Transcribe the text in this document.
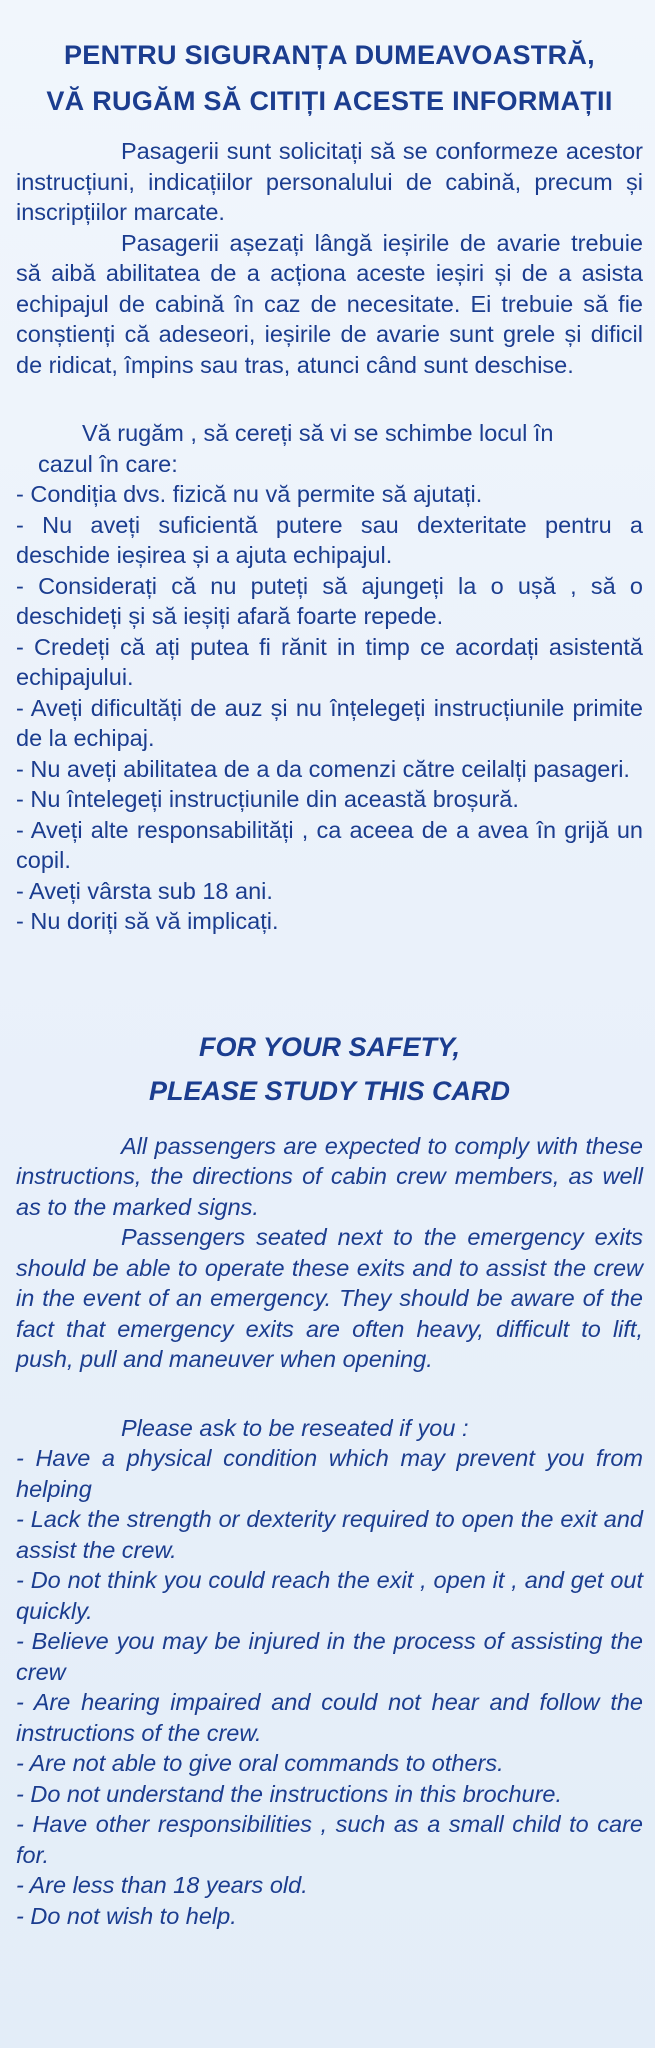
PENTRU SIGURANȚA DUMEAVOASTRĂ,
VĂ RUGĂM SĂ CITIȚI ACESTE INFORMAȚII
Pasagerii sunt solicitați să se conformeze acestor instrucțiuni, indicațiilor personalului de cabină, precum și inscripțiilor marcate.
Pasagerii așezați lângă ieșirile de avarie trebuie să aibă abilitatea de a acționa aceste ieșiri și de a asista echipajul de cabină în caz de necesitate. Ei trebuie să fie conștienți că adeseori, ieșirile de avarie sunt grele și dificil de ridicat, împins sau tras, atunci când sunt deschise.
Vă rugăm , să cereți să vi se schimbe locul în
cazul în care:
- Condiția dvs. fizică nu vă permite să ajutați.
- Nu aveți suficientă putere sau dexteritate pentru a deschide ieșirea și a ajuta echipajul.
- Considerați că nu puteți să ajungeți la o ușă , să o deschideți și să ieșiți afară foarte repede.
- Credeți că ați putea fi rănit in timp ce acordați asistentă echipajului.
- Aveți dificultăți de auz și nu înțelegeți instrucțiunile primite de la echipaj.
- Nu aveți abilitatea de a da comenzi către ceilalți pasageri.
- Nu întelegeți instrucțiunile din această broșură.
- Aveți alte responsabilități , ca aceea de a avea în grijă un copil.
- Aveți vârsta sub 18 ani.
- Nu doriți să vă implicați.
FOR YOUR SAFETY,
PLEASE STUDY THIS CARD
All passengers are expected to comply with these instructions, the directions of cabin crew members, as well as to the marked signs.
Passengers seated next to the emergency exits should be able to operate these exits and to assist the crew in the event of an emergency. They should be aware of the fact that emergency exits are often heavy, difficult to lift, push, pull and maneuver when opening.
Please ask to be reseated if you :
- Have a physical condition which may prevent you from helping
- Lack the strength or dexterity required to open the exit and assist the crew.
- Do not think you could reach the exit , open it , and get out quickly.
- Believe you may be injured in the process of assisting the crew
- Are hearing impaired and could not hear and follow the instructions of the crew.
- Are not able to give oral commands to others.
- Do not understand the instructions in this brochure.
- Have other responsibilities , such as a small child to care for.
- Are less than 18 years old.
- Do not wish to help.
